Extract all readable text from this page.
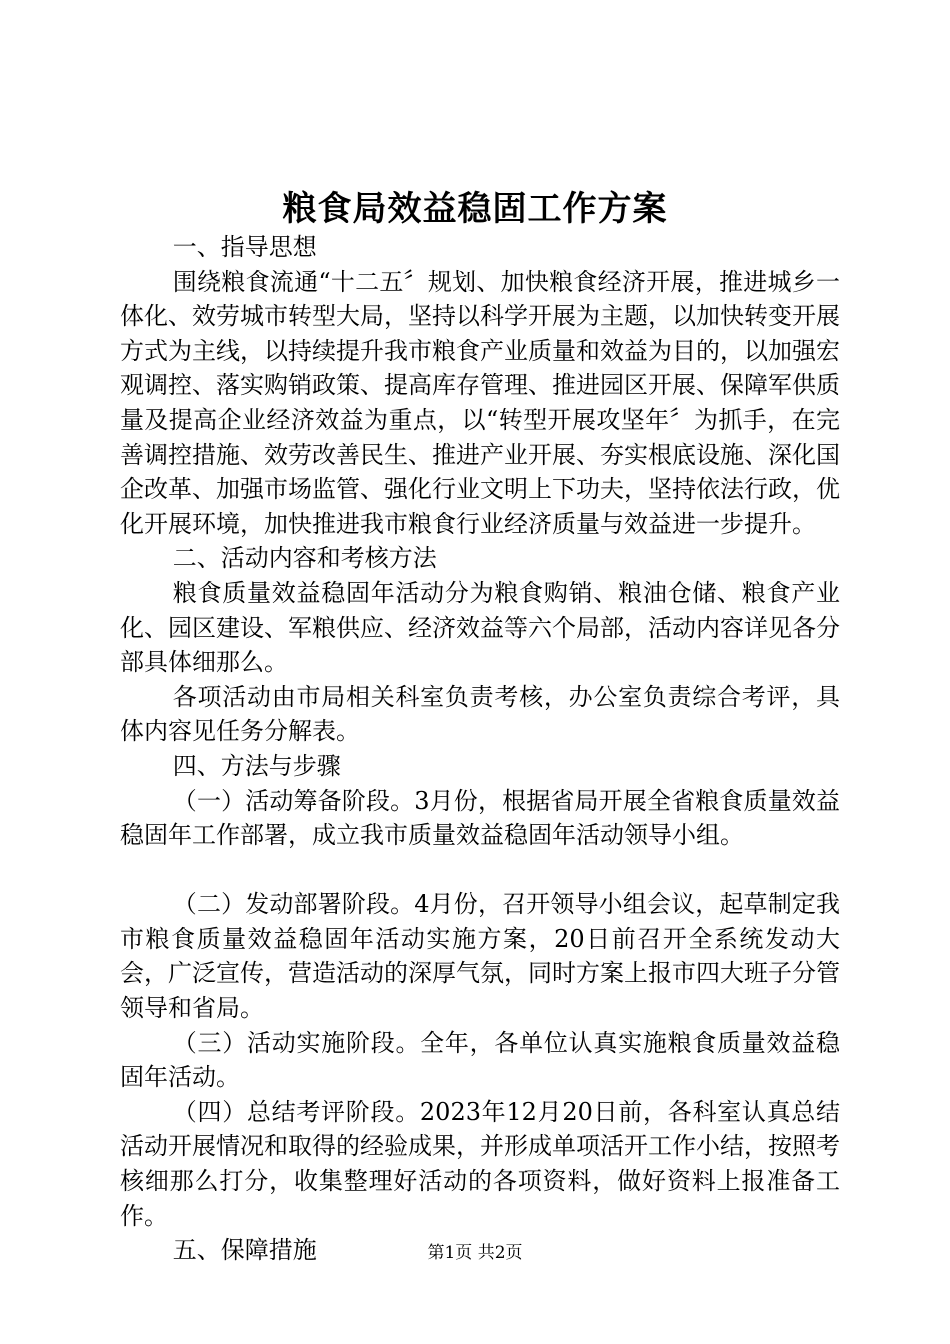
粮食局效益稳固工作方案

一、指导思想

围绕粮食流通“十二五〞规划、加快粮食经济开展，推进城乡一体化、效劳城市转型大局，坚持以科学开展为主题，以加快转变开展方式为主线，以持续提升我市粮食产业质量和效益为目的，以加强宏观调控、落实购销政策、提高库存管理、推进园区开展、保障军供质量及提高企业经济效益为重点，以“转型开展攻坚年〞为抓手，在完善调控措施、效劳改善民生、推进产业开展、夯实根底设施、深化国企改革、加强市场监管、强化行业文明上下功夫，坚持依法行政，优化开展环境，加快推进我市粮食行业经济质量与效益进一步提升。

二、活动内容和考核方法

粮食质量效益稳固年活动分为粮食购销、粮油仓储、粮食产业化、园区建设、军粮供应、经济效益等六个局部，活动内容详见各分部具体细那么。

各项活动由市局相关科室负责考核，办公室负责综合考评，具体内容见任务分解表。

四、方法与步骤

（一）活动筹备阶段。3月份，根据省局开展全省粮食质量效益稳固年工作部署，成立我市质量效益稳固年活动领导小组。

（二）发动部署阶段。4月份，召开领导小组会议，起草制定我市粮食质量效益稳固年活动实施方案，20日前召开全系统发动大会，广泛宣传，营造活动的深厚气氛，同时方案上报市四大班子分管领导和省局。

（三）活动实施阶段。全年，各单位认真实施粮食质量效益稳固年活动。

（四）总结考评阶段。2023年12月20日前，各科室认真总结活动开展情况和取得的经验成果，并形成单项活开工作小结，按照考核细那么打分，收集整理好活动的各项资料，做好资料上报准备工作。

五、保障措施	第1页 共2页
